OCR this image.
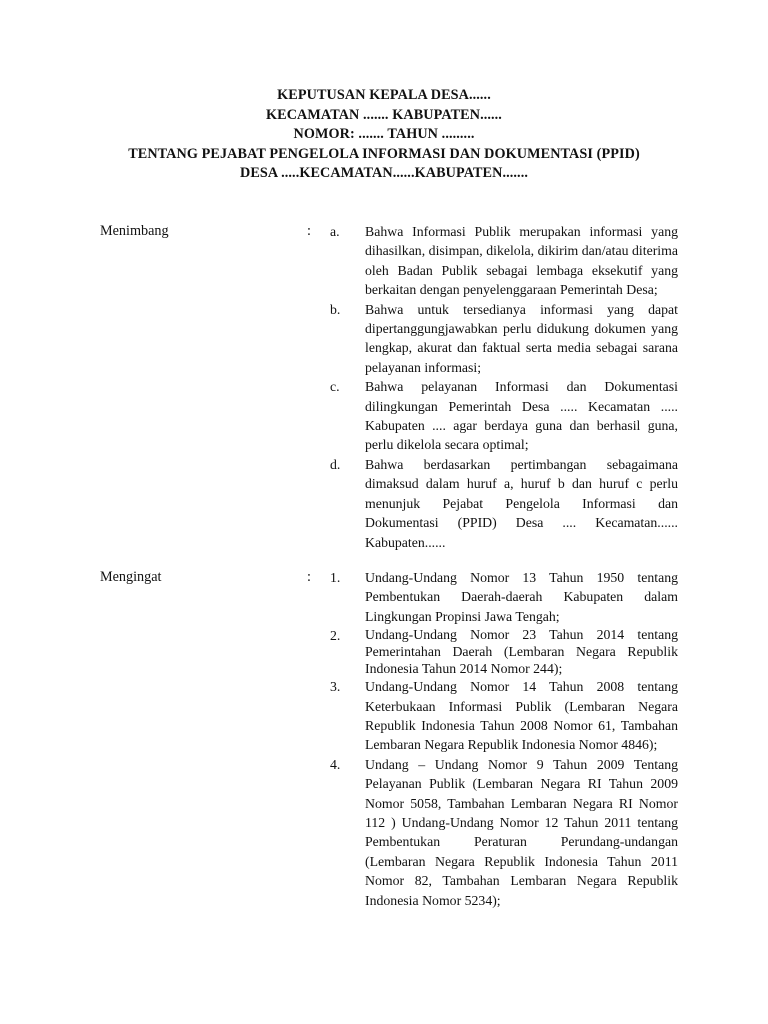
KEPUTUSAN KEPALA DESA......
KECAMATAN ....... KABUPATEN......
NOMOR: ....... TAHUN .........
TENTANG PEJABAT PENGELOLA INFORMASI DAN DOKUMENTASI (PPID)
DESA .....KECAMATAN......KABUPATEN.......
Menimbang	: a.	Bahwa Informasi Publik merupakan informasi yang dihasilkan, disimpan, dikelola, dikirim dan/atau diterima oleh Badan Publik sebagai lembaga eksekutif yang berkaitan dengan penyelenggaraan Pemerintah Desa;
b.	Bahwa untuk tersedianya informasi yang dapat dipertanggungjawabkan perlu didukung dokumen yang lengkap, akurat dan faktual serta media sebagai sarana pelayanan informasi;
c.	Bahwa pelayanan Informasi dan Dokumentasi dilingkungan Pemerintah Desa ..... Kecamatan ..... Kabupaten .... agar berdaya guna dan berhasil guna, perlu dikelola secara optimal;
d.	Bahwa berdasarkan pertimbangan sebagaimana dimaksud dalam huruf a, huruf b dan huruf c perlu menunjuk Pejabat Pengelola Informasi dan Dokumentasi (PPID) Desa .... Kecamatan...... Kabupaten......
Mengingat	: 1.	Undang-Undang Nomor 13 Tahun 1950 tentang Pembentukan Daerah-daerah Kabupaten dalam Lingkungan Propinsi Jawa Tengah;
2.	Undang-Undang Nomor 23 Tahun 2014 tentang Pemerintahan Daerah (Lembaran Negara Republik Indonesia Tahun 2014 Nomor 244);
3.	Undang-Undang Nomor 14 Tahun 2008 tentang Keterbukaan Informasi Publik (Lembaran Negara Republik Indonesia Tahun 2008 Nomor 61, Tambahan Lembaran Negara Republik Indonesia Nomor 4846);
4.	Undang – Undang Nomor 9 Tahun 2009 Tentang Pelayanan Publik (Lembaran Negara RI Tahun 2009 Nomor 5058, Tambahan Lembaran Negara RI Nomor 112 ) Undang-Undang Nomor 12 Tahun 2011 tentang Pembentukan Peraturan Perundang-undangan (Lembaran Negara Republik Indonesia Tahun 2011 Nomor 82, Tambahan Lembaran Negara Republik Indonesia Nomor 5234);
